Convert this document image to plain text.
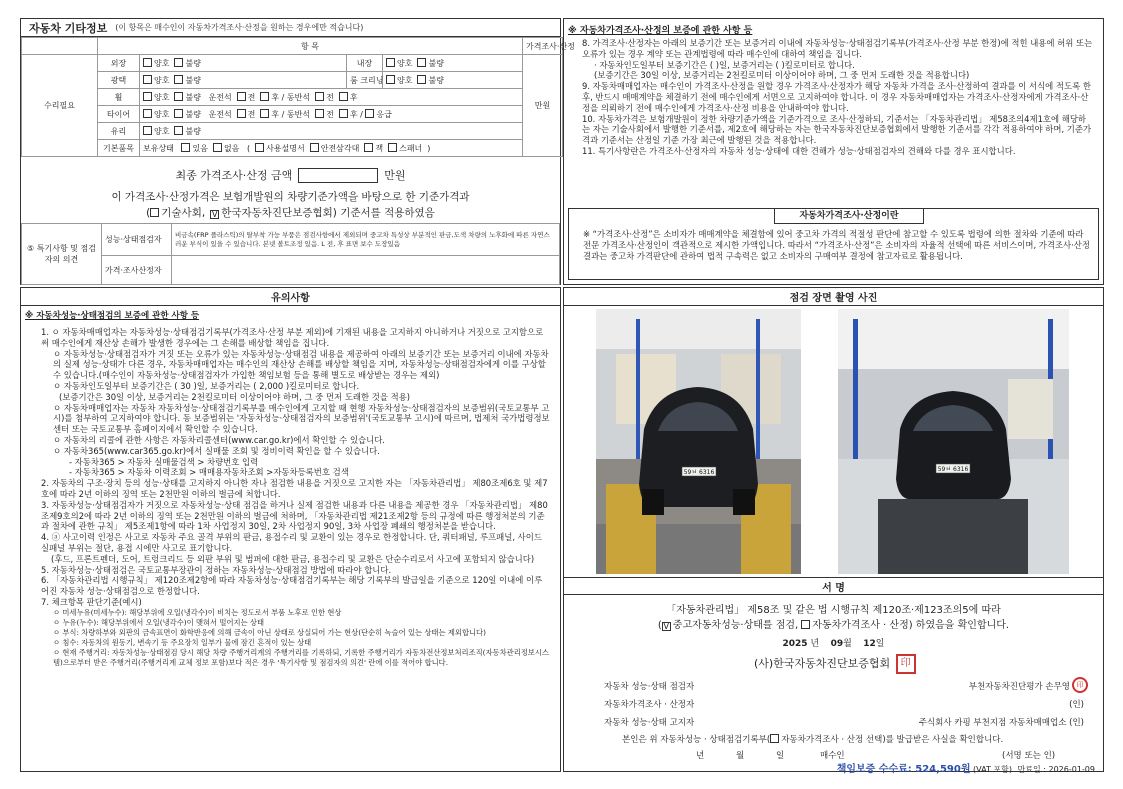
자동차 기타정보 (이 항목은 매수인이 자동차가격조사·산정을 원하는 경우에만 적습니다)
	항 목				가격조사·산정
수리필요	외장	양호 불량	내장	양호 불량	만원
	광택	양호 불량	룸 크리닝	양호 불량	
	휠	양호 불량 운전석 전 후 / 동반석 전 후			
	타이어	양호 불량 운전석 전 후 / 동반석 전 후 / 응급			
	유리	양호 불량			
	기본품목	보유상태 있음 없음 ( 사용설명서 안전삼각대 잭 스패너 )			
최종 가격조사·산정 금액	만원
이 가격조사·산정가격은 보험개발원의 차량기준가액을 바탕으로 한 기준가격과
( 기술사회, V 한국자동차진단보증협회) 기준서를 적용하였음
⑤ 특기사항 및 점검자의 의견	성능·상태점검자	비금속(FRP 플라스틱)의 탈부착 가능 부품은 점검사항에서 제외되며 중고차 특성상 부분적인 판금,도색 차량의 노후화에 따른 자연스러운 부식이 있을 수 있습니다. 본넷 볼트조정 있음. L 전, 후 표면 보수 도장있음
	가격·조사산정자	
※ 자동차가격조사·산정의 보증에 관한 사항 등

8. 가격조사·산정자는 아래의 보증기간 또는 보증거리 이내에 자동차성능·상태점검기록부(가격조사·산정 부분 한정)에 적힌 내용에 허위 또는 오류가 있는 경우 계약 또는 관계법령에 따라 매수인에 대하여 책임을 집니다.

· 자동차인도일부터 보증기간은 ( )일, 보증거리는 ( )킬로미터로 합니다.

(보증기간은 30일 이상, 보증거리는 2천킬로미터 이상이어야 하며, 그 중 먼저 도래한 것을 적용합니다)

9. 자동차매매업자는 매수인이 가격조사·산정을 원할 경우 가격조사·산정자가 해당 자동차 가격을 조사·산정하여 결과를 이 서식에 적도록 한 후, 반드시 매매계약을 체결하기 전에 매수인에게 서면으로 고지하여야 합니다. 이 경우 자동차매매업자는 가격조사·산정자에게 가격조사·산정을 의뢰하기 전에 매수인에게 가격조사·산정 비용을 안내하여야 합니다.

10. 자동차가격은 보험개발원이 정한 차량기준가액을 기준가격으로 조사·산정하되, 기준서는 「자동차관리법」 제58조의4제1호에 해당하는 자는 기술사회에서 발행한 기준서를, 제2호에 해당하는 자는 한국자동차진단보증협회에서 발행한 기준서를 각각 적용하여야 하며, 기준가격과 기준서는 산정일 기준 가장 최근에 발행된 것을 적용합니다.

11. 특기사항란은 가격조사·산정자의 자동차 성능·상태에 대한 견해가 성능·상태점검자의 견해와 다를 경우 표시합니다.

자동차가격조사·산정이란

※ “가격조사·산정”은 소비자가 매매계약을 체결함에 있어 중고차 가격의 적절성 판단에 참고할 수 있도록 법령에 의한 절차와 기준에 따라 전문 가격조사·산정인이 객관적으로 제시한 가액입니다. 따라서 “가격조사·산정”은 소비자의 자율적 선택에 따른 서비스이며, 가격조사·산정 결과는 중고차 가격판단에 관하여 법적 구속력은 없고 소비자의 구매여부 결정에 참고자료로 활용됩니다.

유의사항
※ 자동차성능·상태점검의 보증에 관한 사항 등

1. ㅇ 자동차매매업자는 자동차성능·상태점검기록부(가격조사·산정 부분 제외)에 기재된 내용을 고지하지 아니하거나 거짓으로 고지함으로써 매수인에게 재산상 손해가 발생한 경우에는 그 손해를 배상할 책임을 집니다.

ㅇ 자동차성능·상태점검자가 거짓 또는 오류가 있는 자동차성능·상태점검 내용을 제공하여 아래의 보증기간 또는 보증거리 이내에 자동차의 실제 성능·상태가 다른 경우, 자동차매매업자는 매수인의 재산상 손해를 배상할 책임을 지며, 자동차성능·상태점검자에게 이를 구상할 수 있습니다.(매수인이 자동차성능·상태점검자가 가입한 책임보험 등을 통해 별도로 배상받는 경우는 제외)

ㅇ 자동차인도일부터 보증기간은 ( 30 )일, 보증거리는 ( 2,000 )킬로미터로 합니다.

(보증기간은 30일 이상, 보증거리는 2천킬로미터 이상이어야 하며, 그 중 먼저 도래한 것을 적용)

ㅇ 자동차매매업자는 자동차 자동차성능·상태점검기록부를 매수인에게 고지할 때 현행 자동차성능·상태점검자의 보증범위(국토교통부 고시)를 첨부하여 고지하여야 합니다. 동 보증범위는 '자동차성능·상태점검자의 보증범위'(국토교통부 고시)에 따르며, 법제처 국가법령정보센터 또는 국토교통부 홈페이지에서 확인할 수 있습니다.

ㅇ 자동차의 리콜에 관한 사항은 자동차리콜센터(www.car.go.kr)에서 확인할 수 있습니다.

ㅇ 자동차365(www.car365.go.kr)에서 실매물 조회 및 정비이력 확인을 할 수 있습니다.

- 자동차365 > 자동차 실매물검색 > 차량번호 입력

- 자동차365 > 자동차 이력조회 > 매매용자동차조회 >자동차등록번호 검색

2. 자동차의 구조·장치 등의 성능·상태를 고지하지 아니한 자나 점검한 내용을 거짓으로 고지한 자는 「자동차관리법」 제80조제6호 및 제7호에 따라 2년 이하의 징역 또는 2천만원 이하의 벌금에 처합니다.

3. 자동차성능·상태점검자가 거짓으로 자동차성능·상태 점검을 하거나 실제 점검한 내용과 다른 내용을 제공한 경우 「자동차관리법」 제80조제9호의2에 따라 2년 이하의 징역 또는 2천만원 이하의 벌금에 처하며, 「자동차관리법 제21조제2항 등의 규정에 따른 행정처분의 기준과 절차에 관한 규칙」 제5조제1항에 따라 1차 사업정지 30일, 2차 사업정지 90일, 3차 사업장 폐쇄의 행정처분을 받습니다.

4. ⓐ 사고이력 인정은 사고로 자동차 주요 골격 부위의 판금, 용접수리 및 교환이 있는 경우로 한정합니다. 단, 쿼터패널, 루프패널, 사이드실패널 부위는 절단, 용접 시에만 사고로 표기합니다.

(후드, 프론트펜더, 도어, 트렁크리드 등 외판 부위 및 범퍼에 대한 판금, 용접수리 및 교환은 단순수리로서 사고에 포함되지 않습니다)

5. 자동차성능·상태점검은 국토교통부장관이 정하는 자동차성능·상태점검 방법에 따라야 합니다.

6. 「자동차관리법 시행규칙」 제120조제2항에 따라 자동차성능·상태점검기록부는 해당 기록부의 발급일을 기준으로 120일 이내에 이루어진 자동차 성능·상태점검으로 한정합니다.

7. 체크항목 판단기준(예시)

ㅇ 미세누유(미세누수): 해당부위에 오일(냉각수)이 비치는 정도로서 부품 노후로 인한 현상

ㅇ 누유(누수): 해당부위에서 오일(냉각수)이 맺혀서 떨어지는 상태

ㅇ 부식: 차량하부와 외판의 금속표면이 화학반응에 의해 금속이 아닌 상태로 상실되어 가는 현상(단순히 녹슬어 있는 상태는 제외합니다)

ㅇ 침수: 자동차의 원동기, 변속기 등 주요장치 일부가 물에 잠긴 흔적이 있는 상태

ㅇ 현재 주행거리: 자동차성능·상태점검 당시 해당 차량 주행거리계의 주행거리를 기록하되, 기록한 주행거리가 자동차전산정보처리조직(자동차관리정보시스템)으로부터 받은 주행거리(주행거리계 교체 정보 포함)보다 적은 경우 '특기사항 및 점검자의 의견' 란에 이를 적어야 합니다.

점검 장면 촬영 사진
59ㅂ 6316	59ㅂ 6316
서 명
「자동차관리법」 제58조 및 같은 법 시행규칙 제120조·제123조의5에 따라
( V 중고자동차성능·상태를 점검, 자동차가격조사 · 산정) 하였음을 확인합니다.
2025 년 09월 12일
(사)한국자동차진단보증협회 印
자동차 성능·상태 점검자	부천자동차진단평가 손무영 印
자동차가격조사 · 산정자	(인)
자동차 성능·상태 고지자	주식회사 카핑 부천지점 자동차매매업소 (인)
본인은 위 자동차성능 · 상태점검기록부( 자동차가격조사 · 산정 선택)를 발급받은 사실을 확인합니다.
년	월	일	매수인	(서명 또는 인)
책임보증 수수료: 524,590원 (VAT 포함) 만료일 : 2026-01-09
